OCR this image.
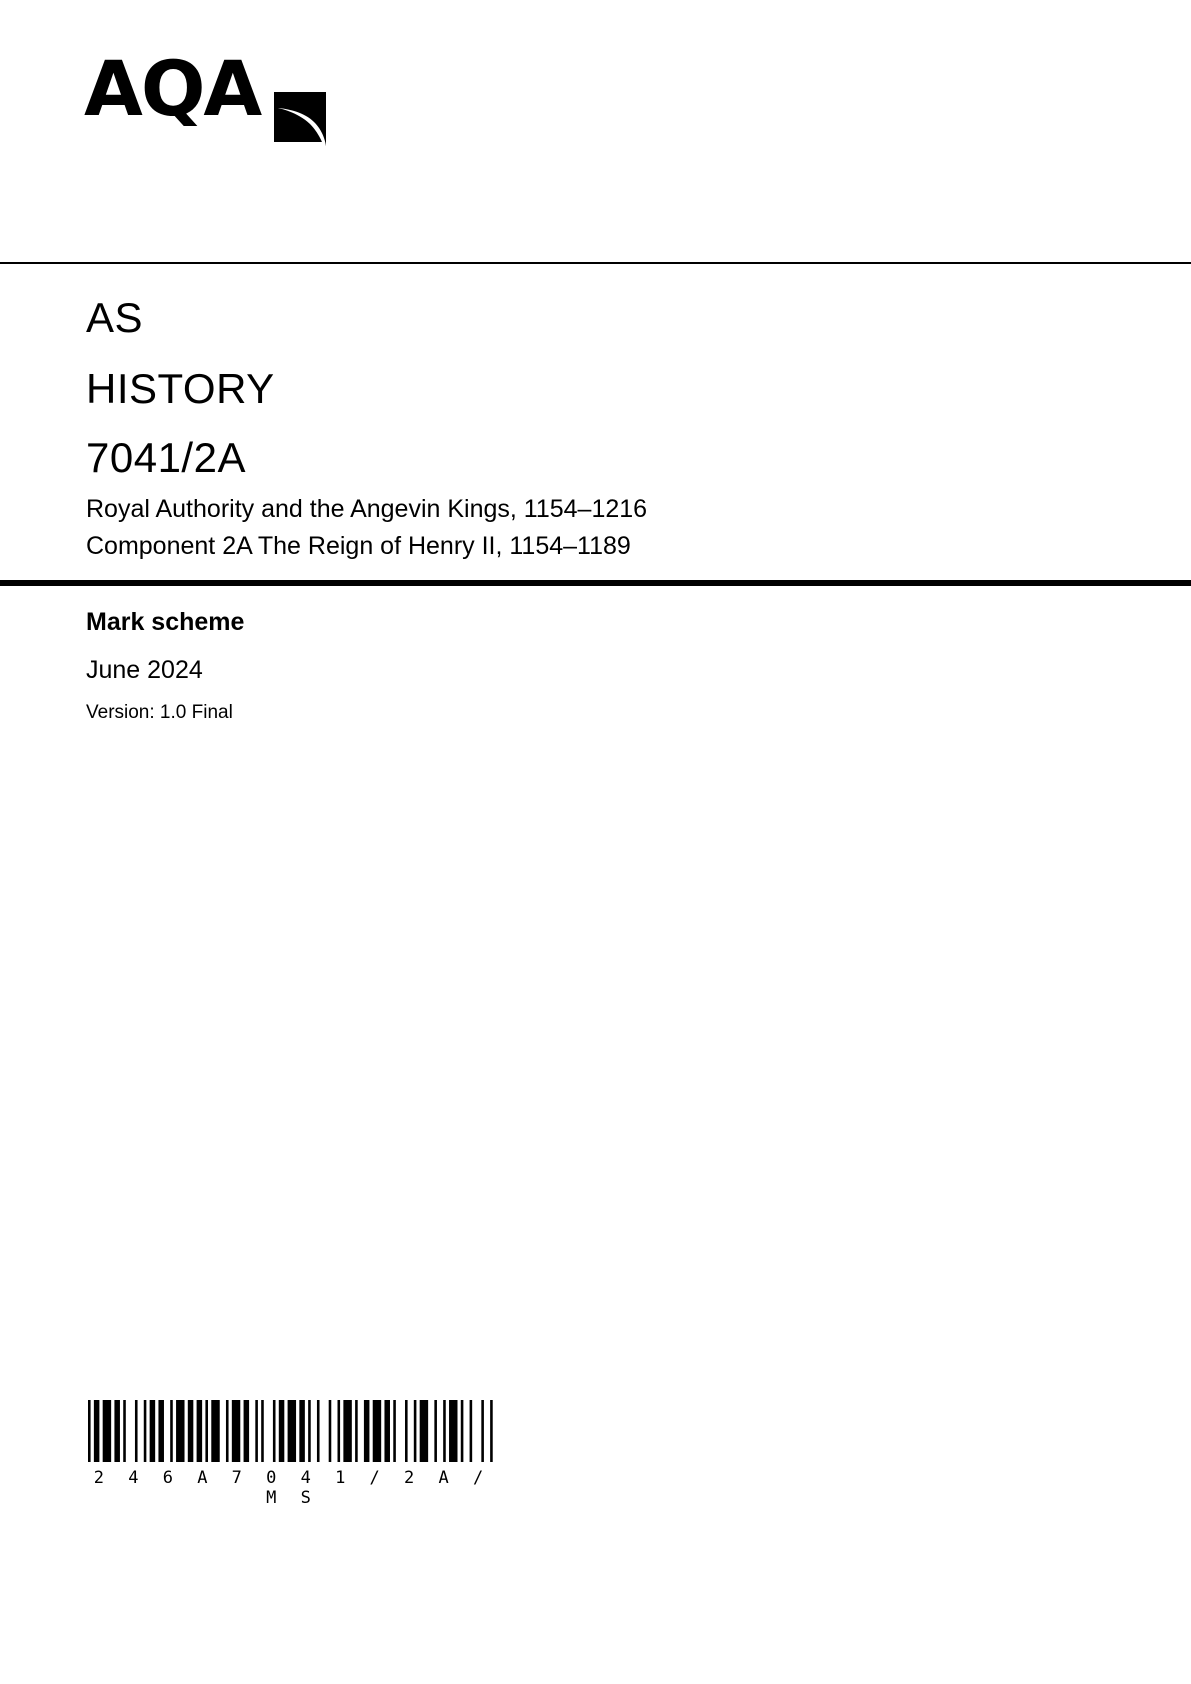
AQA
AS
HISTORY
7041/2A
Royal Authority and the Angevin Kings, 1154–1216
Component 2A The Reign of Henry II, 1154–1189
Mark scheme
June 2024
Version: 1.0 Final
2 4 6 A 7 0 4 1 / 2 A / M S
